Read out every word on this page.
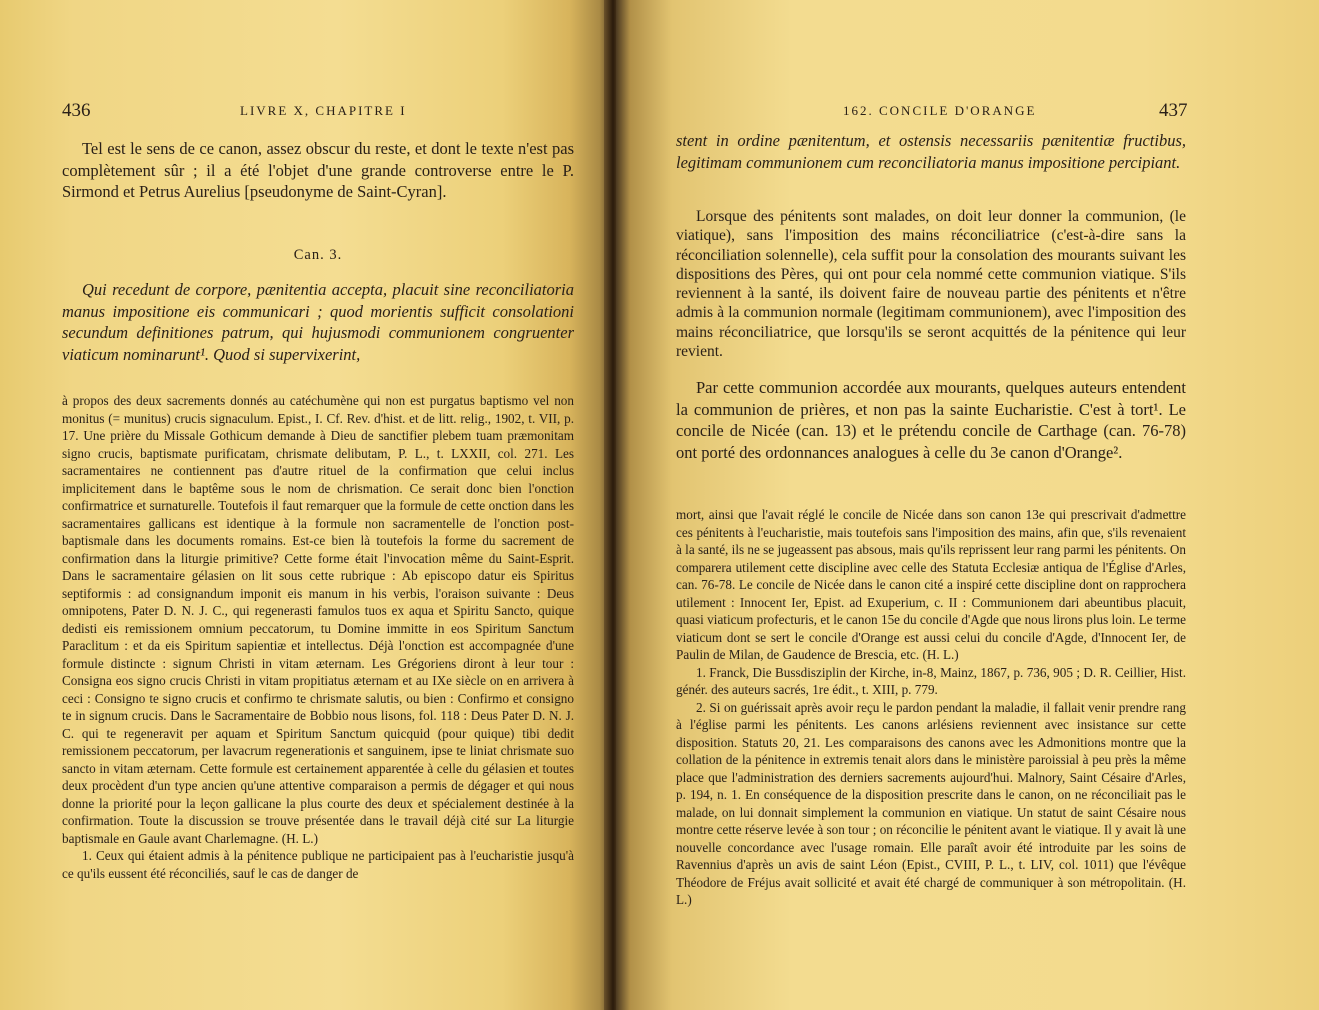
436	LIVRE X, CHAPITRE I

Tel est le sens de ce canon, assez obscur du reste, et dont le texte n'est pas complètement sûr ; il a été l'objet d'une grande controverse entre le P. Sirmond et Petrus Aurelius [pseudonyme de Saint-Cyran].

Can. 3.

Qui recedunt de corpore, pænitentia accepta, placuit sine reconciliatoria manus impositione eis communicari ; quod morientis sufficit consolationi secundum definitiones patrum, qui hujusmodi communionem congruenter viaticum nominarunt¹. Quod si supervixerint,

à propos des deux sacrements donnés au catéchumène qui non est purgatus baptismo vel non monitus (= munitus) crucis signaculum. Epist., I. Cf. Rev. d'hist. et de litt. relig., 1902, t. VII, p. 17. Une prière du Missale Gothicum demande à Dieu de sanctifier plebem tuam præmonitam signo crucis, baptismate purificatam, chrismate delibutam, P. L., t. LXXII, col. 271. Les sacramentaires ne contiennent pas d'autre rituel de la confirmation que celui inclus implicitement dans le baptême sous le nom de chrismation. Ce serait donc bien l'onction confirmatrice et surnaturelle. Toutefois il faut remarquer que la formule de cette onction dans les sacramentaires gallicans est identique à la formule non sacramentelle de l'onction post-baptismale dans les documents romains. Est-ce bien là toutefois la forme du sacrement de confirmation dans la liturgie primitive? Cette forme était l'invocation même du Saint-Esprit. Dans le sacramentaire gélasien on lit sous cette rubrique : Ab episcopo datur eis Spiritus septiformis : ad consignandum imponit eis manum in his verbis, l'oraison suivante : Deus omnipotens, Pater D. N. J. C., qui regenerasti famulos tuos ex aqua et Spiritu Sancto, quique dedisti eis remissionem omnium peccatorum, tu Domine immitte in eos Spiritum Sanctum Paraclitum : et da eis Spiritum sapientiæ et intellectus. Déjà l'onction est accompagnée d'une formule distincte : signum Christi in vitam æternam. Les Grégoriens diront à leur tour : Consigna eos signo crucis Christi in vitam propitiatus æternam et au IXe siècle on en arrivera à ceci : Consigno te signo crucis et confirmo te chrismate salutis, ou bien : Confirmo et consigno te in signum crucis. Dans le Sacramentaire de Bobbio nous lisons, fol. 118 : Deus Pater D. N. J. C. qui te regeneravit per aquam et Spiritum Sanctum quicquid (pour quique) tibi dedit remissionem peccatorum, per lavacrum regenerationis et sanguinem, ipse te liniat chrismate suo sancto in vitam æternam. Cette formule est certainement apparentée à celle du gélasien et toutes deux procèdent d'un type ancien qu'une attentive comparaison a permis de dégager et qui nous donne la priorité pour la leçon gallicane la plus courte des deux et spécialement destinée à la confirmation. Toute la discussion se trouve présentée dans le travail déjà cité sur La liturgie baptismale en Gaule avant Charlemagne. (H. L.)

1. Ceux qui étaient admis à la pénitence publique ne participaient pas à l'eucharistie jusqu'à ce qu'ils eussent été réconciliés, sauf le cas de danger de

162. CONCILE D'ORANGE	437

stent in ordine pænitentum, et ostensis necessariis pænitentiæ fructibus, legitimam communionem cum reconciliatoria manus impositione percipiant.

Lorsque des pénitents sont malades, on doit leur donner la communion, (le viatique), sans l'imposition des mains réconciliatrice (c'est-à-dire sans la réconciliation solennelle), cela suffit pour la consolation des mourants suivant les dispositions des Pères, qui ont pour cela nommé cette communion viatique. S'ils reviennent à la santé, ils doivent faire de nouveau partie des pénitents et n'être admis à la communion normale (legitimam communionem), avec l'imposition des mains réconciliatrice, que lorsqu'ils se seront acquittés de la pénitence qui leur revient.

Par cette communion accordée aux mourants, quelques auteurs entendent la communion de prières, et non pas la sainte Eucharistie. C'est à tort¹. Le concile de Nicée (can. 13) et le prétendu concile de Carthage (can. 76-78) ont porté des ordonnances analogues à celle du 3e canon d'Orange².

mort, ainsi que l'avait réglé le concile de Nicée dans son canon 13e qui prescrivait d'admettre ces pénitents à l'eucharistie, mais toutefois sans l'imposition des mains, afin que, s'ils revenaient à la santé, ils ne se jugeassent pas absous, mais qu'ils reprissent leur rang parmi les pénitents. On comparera utilement cette discipline avec celle des Statuta Ecclesiæ antiqua de l'Église d'Arles, can. 76-78. Le concile de Nicée dans le canon cité a inspiré cette discipline dont on rapprochera utilement : Innocent Ier, Epist. ad Exuperium, c. II : Communionem dari abeuntibus placuit, quasi viaticum profecturis, et le canon 15e du concile d'Agde que nous lirons plus loin. Le terme viaticum dont se sert le concile d'Orange est aussi celui du concile d'Agde, d'Innocent Ier, de Paulin de Milan, de Gaudence de Brescia, etc. (H. L.)

1. Franck, Die Bussdisziplin der Kirche, in-8, Mainz, 1867, p. 736, 905 ; D. R. Ceillier, Hist. génér. des auteurs sacrés, 1re édit., t. XIII, p. 779.

2. Si on guérissait après avoir reçu le pardon pendant la maladie, il fallait venir prendre rang à l'église parmi les pénitents. Les canons arlésiens reviennent avec insistance sur cette disposition. Statuts 20, 21. Les comparaisons des canons avec les Admonitions montre que la collation de la pénitence in extremis tenait alors dans le ministère paroissial à peu près la même place que l'administration des derniers sacrements aujourd'hui. Malnory, Saint Césaire d'Arles, p. 194, n. 1. En conséquence de la disposition prescrite dans le canon, on ne réconciliait pas le malade, on lui donnait simplement la communion en viatique. Un statut de saint Césaire nous montre cette réserve levée à son tour ; on réconcilie le pénitent avant le viatique. Il y avait là une nouvelle concordance avec l'usage romain. Elle paraît avoir été introduite par les soins de Ravennius d'après un avis de saint Léon (Epist., CVIII, P. L., t. LIV, col. 1011) que l'évêque Théodore de Fréjus avait sollicité et avait été chargé de communiquer à son métropolitain. (H. L.)
